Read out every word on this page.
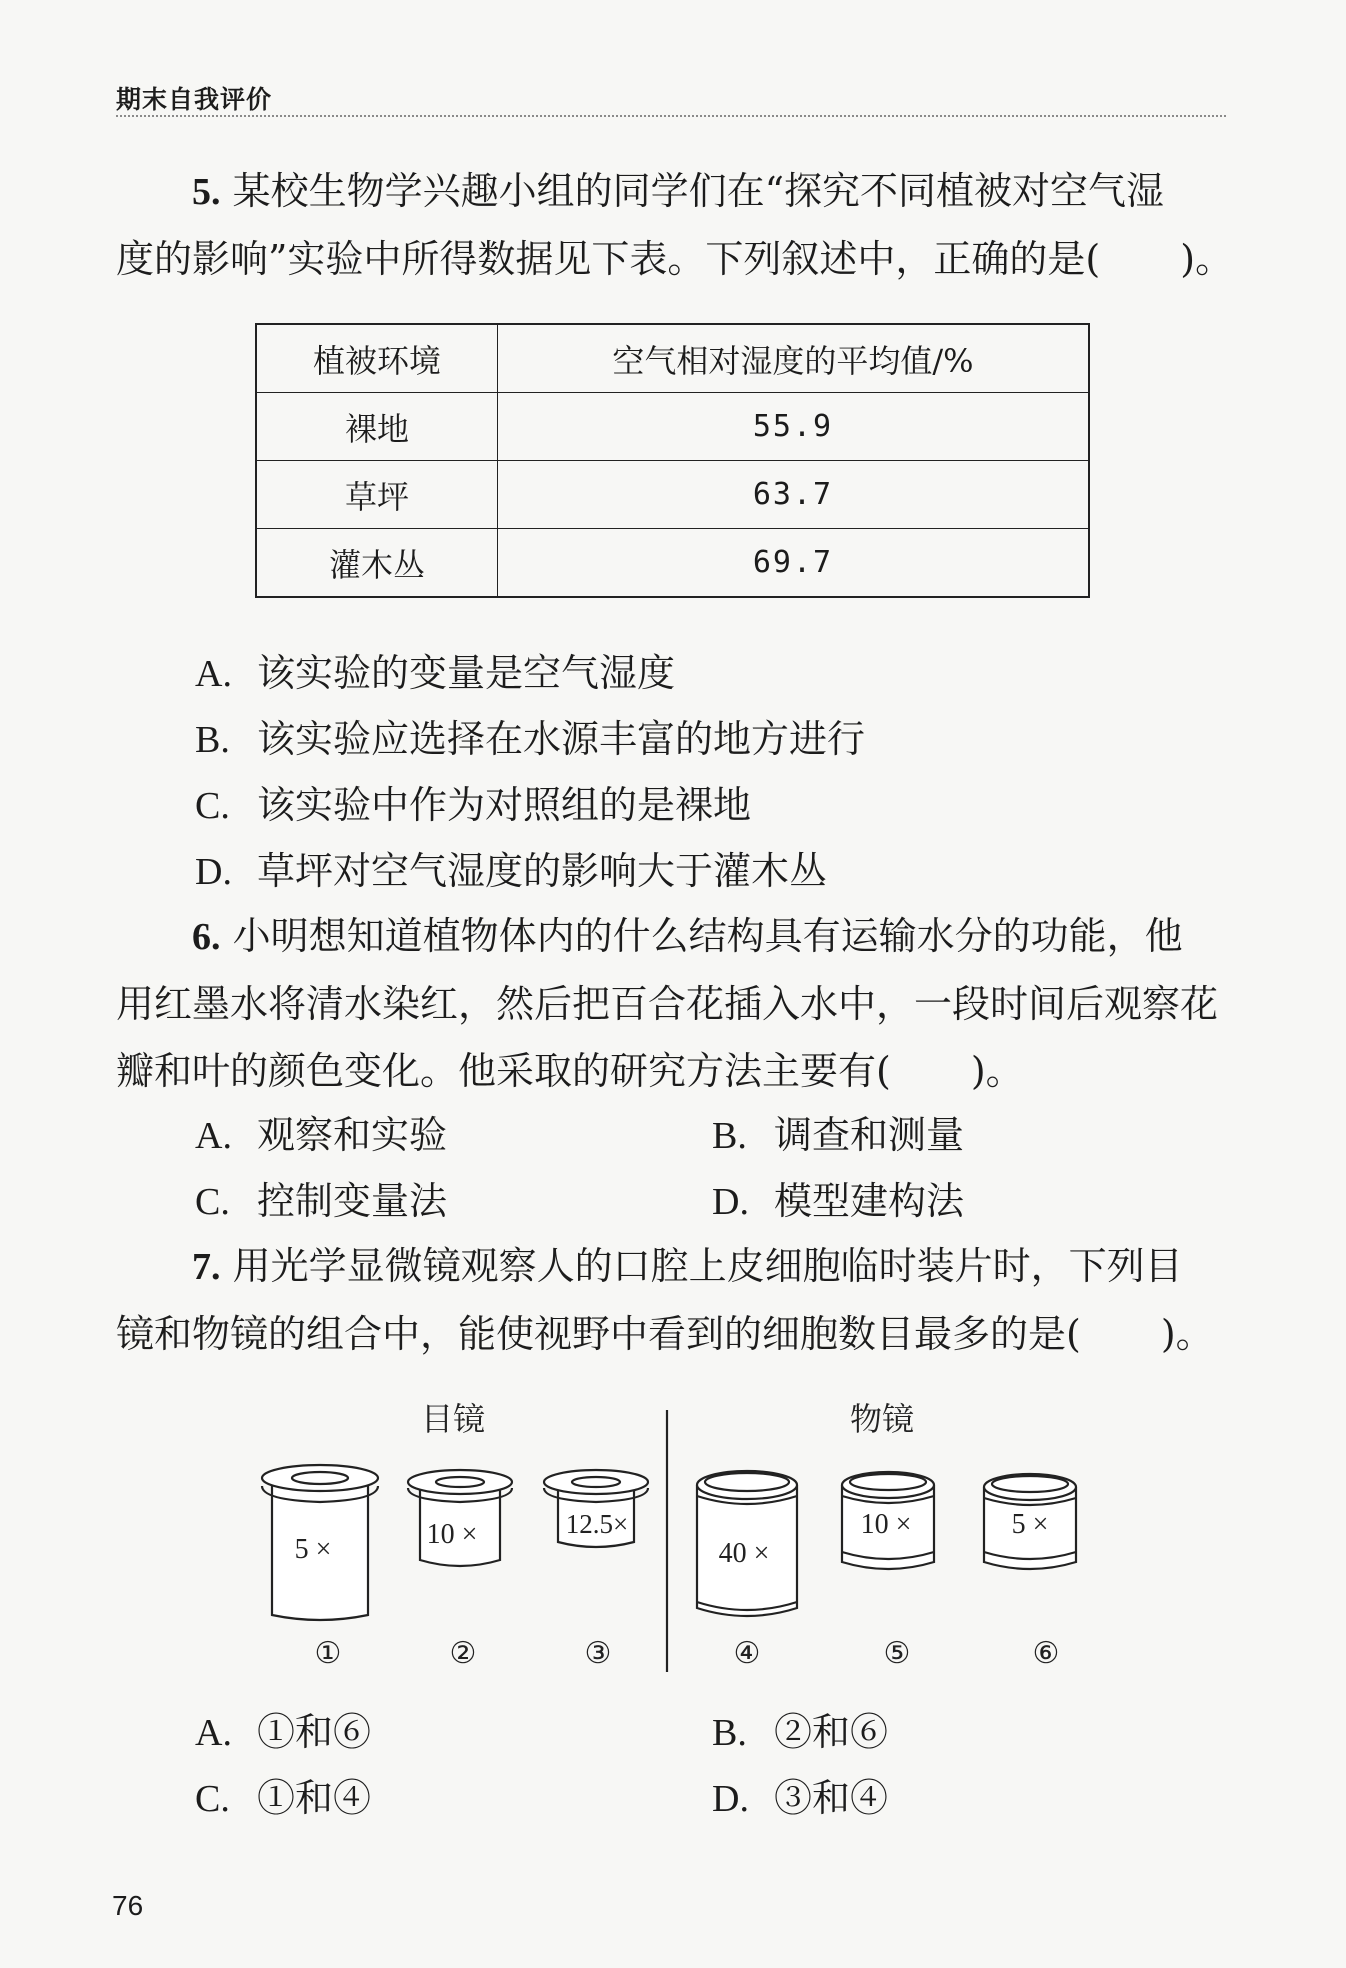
期末自我评价

5. 某校生物学兴趣小组的同学们在“探究不同植被对空气湿
度的影响”实验中所得数据见下表。下列叙述中，正确的是( )。

植被环境	空气相对湿度的平均值/%
裸地	55.9
草坪	63.7
灌木丛	69.7
A. 该实验的变量是空气湿度
B. 该实验应选择在水源丰富的地方进行
C. 该实验中作为对照组的是裸地
D. 草坪对空气湿度的影响大于灌木丛

6. 小明想知道植物体内的什么结构具有运输水分的功能，他
用红墨水将清水染红，然后把百合花插入水中，一段时间后观察花
瓣和叶的颜色变化。他采取的研究方法主要有( )。

A. 观察和实验	B. 调查和测量
C. 控制变量法	D. 模型建构法

7. 用光学显微镜观察人的口腔上皮细胞临时装片时，下列目
镜和物镜的组合中，能使视野中看到的细胞数目最多的是( )。

目镜	物镜
5 ×
①
10 ×
②
12.5×
③
40 ×
④
10 ×
⑤
5 ×
⑥
A. ①和⑥	B. ②和⑥
C. ①和④	D. ③和④
76
